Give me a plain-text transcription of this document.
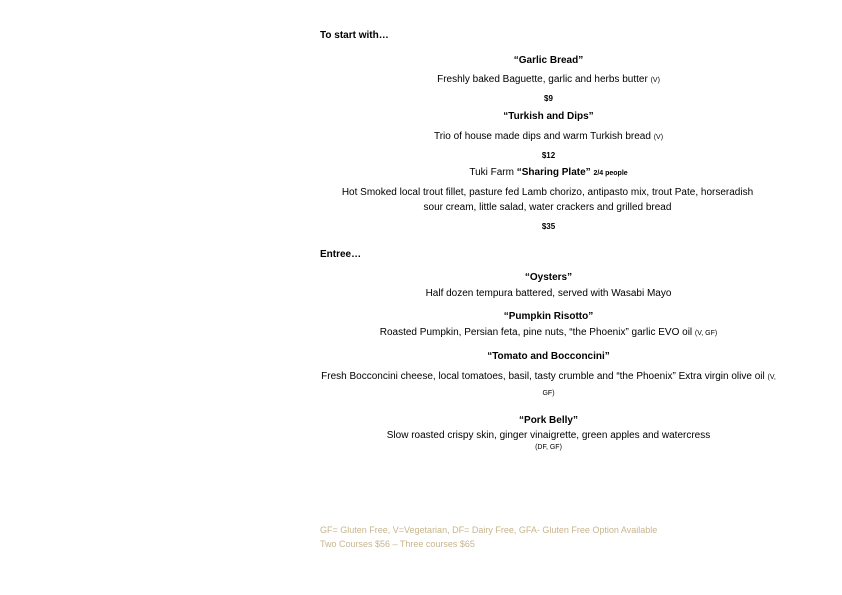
To start with…
“Garlic Bread”
Freshly baked Baguette, garlic and herbs butter (V)
$9
“Turkish and Dips”
Trio of house made dips and warm Turkish bread (V)
$12
Tuki Farm “Sharing Plate” 2/4 people
Hot Smoked local trout fillet, pasture fed Lamb chorizo, antipasto mix, trout Pate, horseradish sour cream, little salad, water crackers and grilled bread
$35
Entree…
“Oysters”
Half dozen tempura battered, served with Wasabi Mayo
“Pumpkin Risotto”
Roasted Pumpkin, Persian feta, pine nuts, “the Phoenix” garlic EVO oil (V, GF)
“Tomato and Bocconcini”
Fresh Bocconcini cheese, local tomatoes, basil, tasty crumble and “the Phoenix” Extra virgin olive oil (V, GF)
“Pork Belly”
Slow roasted crispy skin, ginger vinaigrette, green apples and watercress
(DF, GF)
GF= Gluten Free, V=Vegetarian, DF= Dairy Free, GFA- Gluten Free Option Available
Two Courses $56 – Three courses $65
